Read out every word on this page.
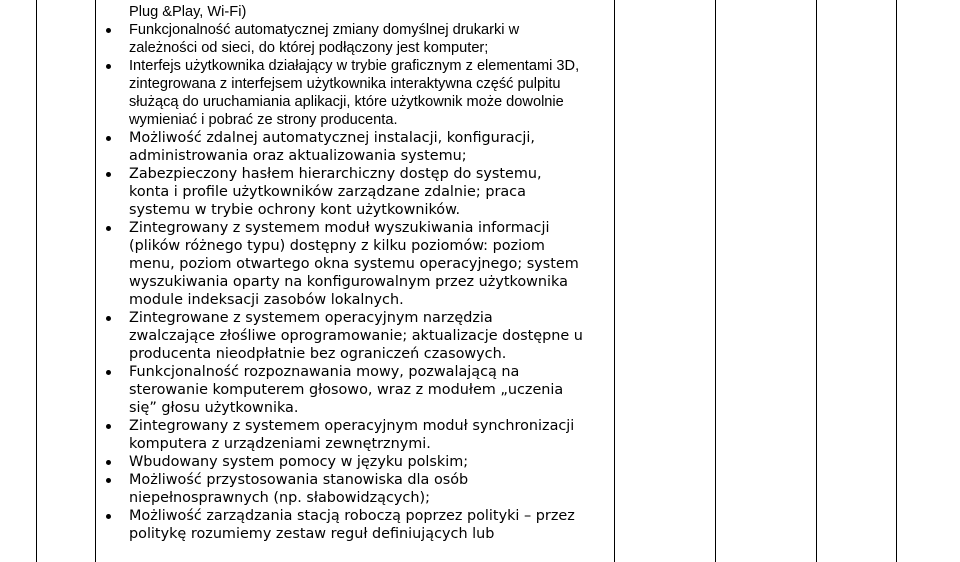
Plug &Play, Wi-Fi)
Funkcjonalność automatycznej zmiany domyślnej drukarki w zależności od sieci, do której podłączony jest komputer;
Interfejs użytkownika działający w trybie graficznym z elementami 3D, zintegrowana z interfejsem użytkownika interaktywna część pulpitu służącą do uruchamiania aplikacji, które użytkownik może dowolnie wymieniać i pobrać ze strony producenta.
Możliwość zdalnej automatycznej instalacji, konfiguracji, administrowania oraz aktualizowania systemu;
Zabezpieczony hasłem hierarchiczny dostęp do systemu, konta i profile użytkowników zarządzane zdalnie; praca systemu w trybie ochrony kont użytkowników.
Zintegrowany z systemem moduł wyszukiwania informacji (plików różnego typu) dostępny z kilku poziomów: poziom menu, poziom otwartego okna systemu operacyjnego; system wyszukiwania oparty na konfigurowalnym przez użytkownika module indeksacji zasobów lokalnych.
Zintegrowane z systemem operacyjnym narzędzia zwalczające złośliwe oprogramowanie; aktualizacje dostępne u producenta nieodpłatnie bez ograniczeń czasowych.
Funkcjonalność rozpoznawania mowy, pozwalającą na sterowanie komputerem głosowo, wraz z modułem „uczenia się” głosu użytkownika.
Zintegrowany z systemem operacyjnym moduł synchronizacji komputera z urządzeniami zewnętrznymi.
Wbudowany system pomocy w języku polskim;
Możliwość przystosowania stanowiska dla osób niepełnosprawnych (np. słabowidzących);
Możliwość zarządzania stacją roboczą poprzez polityki – przez politykę rozumiemy zestaw reguł definiujących lub
